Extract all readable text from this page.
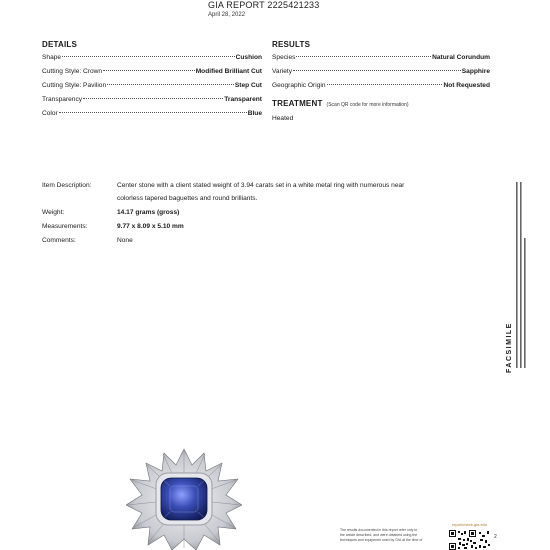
GIA REPORT 2225421233
April 28, 2022
DETAILS
Shape	Cushion
Cutting Style: Crown	Modified Brilliant Cut
Cutting Style: Pavilion	Step Cut
Transparency	Transparent
Color	Blue
RESULTS
Species	Natural Corundum
Variety	Sapphire
Geographic Origin	Not Requested
TREATMENT (Scan QR code for more information)
Heated
Item Description:	Center stone with a client stated weight of 3.94 carats set in a white metal ring with numerous near
colorless tapered baguettes and round brilliants.
Weight:	14.17 grams (gross)
Measurements:	9.77 x 8.09 x 5.10 mm
Comments:	None
FACSIMILE
The results documented in this report refer only to
the article described, and were obtained using the
techniques and equipment used by GIA at the time of
reportcheck.gia.edu
2
